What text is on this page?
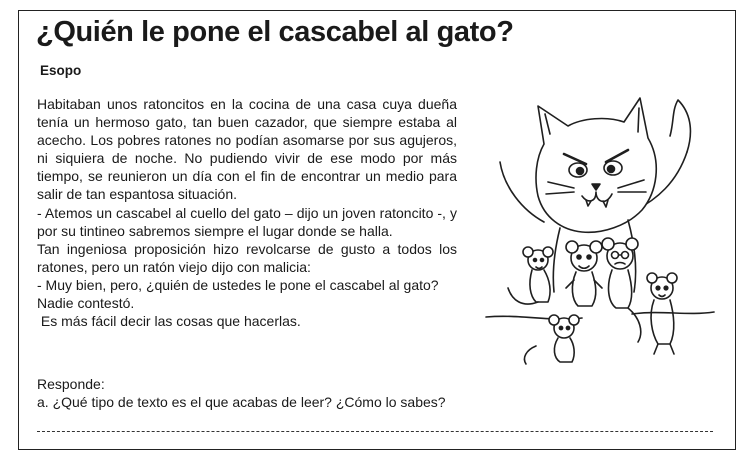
¿Quién le pone el cascabel al gato?
Esopo

Habitaban unos ratoncitos en la cocina de una casa cuya dueña tenía un hermoso gato, tan buen cazador, que siempre estaba al acecho. Los pobres ratones no podían asomarse por sus agujeros, ni siquiera de noche. No pudiendo vivir de ese modo por más tiempo, se reunieron un día con el fin de encontrar un medio para salir de tan espantosa situación.

- Atemos un cascabel al cuello del gato – dijo un joven ratoncito -, y por su tintineo sabremos siempre el lugar donde se halla.

Tan ingeniosa proposición hizo revolcarse de gusto a todos los ratones, pero un ratón viejo dijo con malicia:

- Muy bien, pero, ¿quién de ustedes le pone el cascabel al gato?

Nadie contestó.

Es más fácil decir las cosas que hacerlas.

Responde:
a. ¿Qué tipo de texto es el que acabas de leer? ¿Cómo lo sabes?
